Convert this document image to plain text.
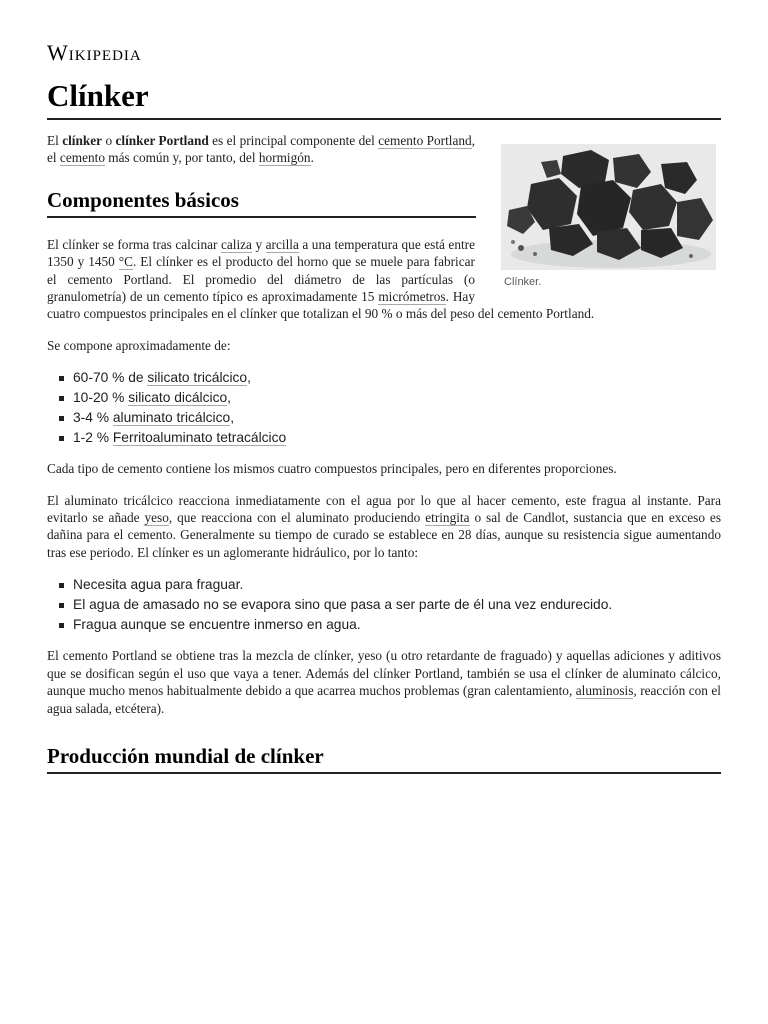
Wikipedia
Clínker
Clínker.

El clínker o clínker Portland es el principal componente del cemento Portland, el cemento más común y, por tanto, del hormigón.

Componentes básicos

El clínker se forma tras calcinar caliza y arcilla a una temperatura que está entre 1350 y 1450 °C. El clínker es el producto del horno que se muele para fabricar el cemento Portland. El promedio del diámetro de las partículas (o granulometría) de un cemento típico es aproximadamente 15 micrómetros. Hay cuatro compuestos principales en el clínker que totalizan el 90 % o más del peso del cemento Portland.

Se compone aproximadamente de:

60-70 % de silicato tricálcico,
10-20 % silicato dicálcico,
3-4 % aluminato tricálcico,
1-2 % Ferritoaluminato tetracálcico

Cada tipo de cemento contiene los mismos cuatro compuestos principales, pero en diferentes proporciones.

El aluminato tricálcico reacciona inmediatamente con el agua por lo que al hacer cemento, este fragua al instante. Para evitarlo se añade yeso, que reacciona con el aluminato produciendo etringita o sal de Candlot, sustancia que en exceso es dañina para el cemento. Generalmente su tiempo de curado se establece en 28 días, aunque su resistencia sigue aumentando tras ese periodo. El clínker es un aglomerante hidráulico, por lo tanto:

Necesita agua para fraguar.
El agua de amasado no se evapora sino que pasa a ser parte de él una vez endurecido.
Fragua aunque se encuentre inmerso en agua.

El cemento Portland se obtiene tras la mezcla de clínker, yeso (u otro retardante de fraguado) y aquellas adiciones y aditivos que se dosifican según el uso que vaya a tener. Además del clínker Portland, también se usa el clínker de aluminato cálcico, aunque mucho menos habitualmente debido a que acarrea muchos problemas (gran calentamiento, aluminosis, reacción con el agua salada, etcétera).

Producción mundial de clínker
